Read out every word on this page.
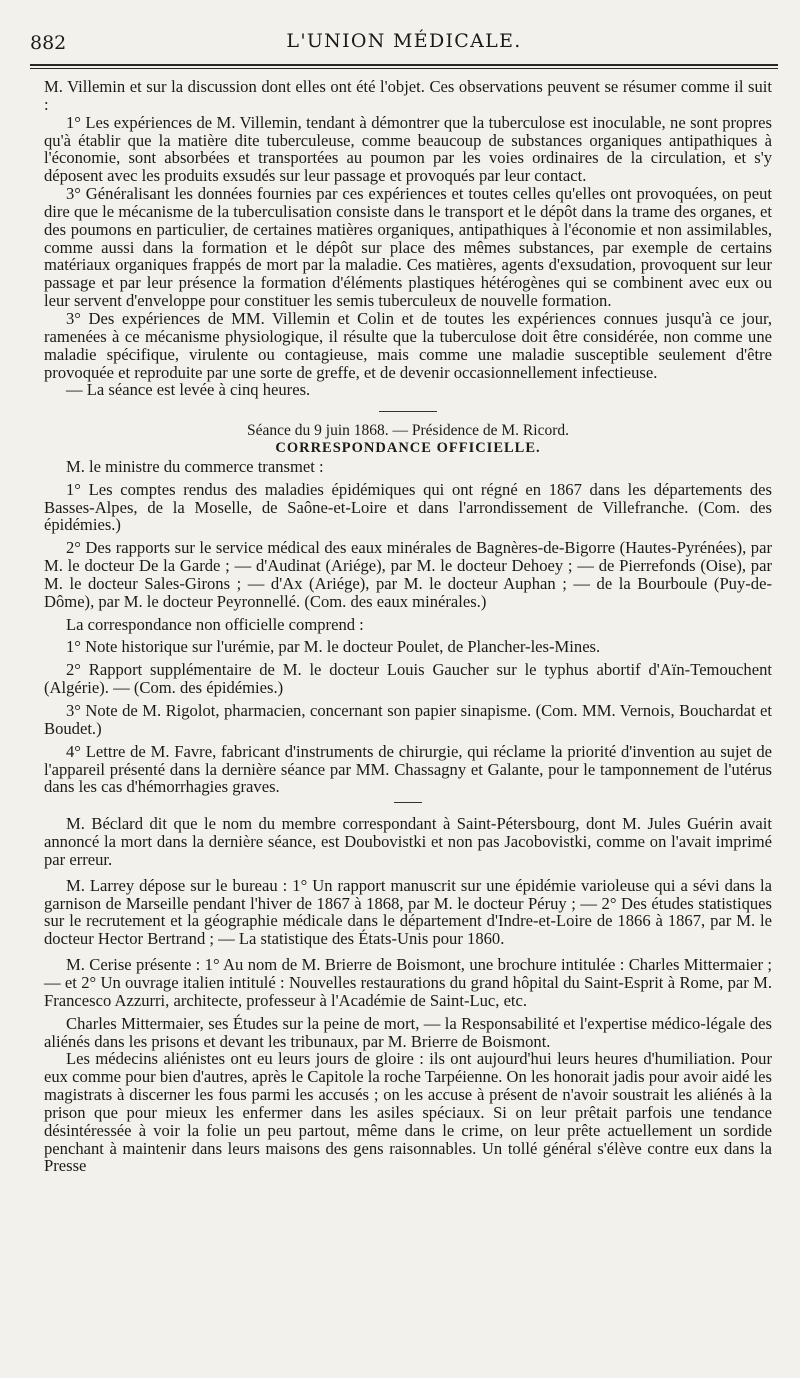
882	L'UNION MÉDICALE.

M. Villemin et sur la discussion dont elles ont été l'objet. Ces observations peuvent se résumer comme il suit :

1° Les expériences de M. Villemin, tendant à démontrer que la tuberculose est inoculable, ne sont propres qu'à établir que la matière dite tuberculeuse, comme beaucoup de substances organiques antipathiques à l'économie, sont absorbées et transportées au poumon par les voies ordinaires de la circulation, et s'y déposent avec les produits exsudés sur leur passage et provoqués par leur contact.

3° Généralisant les données fournies par ces expériences et toutes celles qu'elles ont provoquées, on peut dire que le mécanisme de la tuberculisation consiste dans le transport et le dépôt dans la trame des organes, et des poumons en particulier, de certaines matières organiques, antipathiques à l'économie et non assimilables, comme aussi dans la formation et le dépôt sur place des mêmes substances, par exemple de certains matériaux organiques frappés de mort par la maladie. Ces matières, agents d'exsudation, provoquent sur leur passage et par leur présence la formation d'éléments plastiques hétérogènes qui se combinent avec eux ou leur servent d'enveloppe pour constituer les semis tuberculeux de nouvelle formation.

3° Des expériences de MM. Villemin et Colin et de toutes les expériences connues jusqu'à ce jour, ramenées à ce mécanisme physiologique, il résulte que la tuberculose doit être considérée, non comme une maladie spécifique, virulente ou contagieuse, mais comme une maladie susceptible seulement d'être provoquée et reproduite par une sorte de greffe, et de devenir occasionnellement infectieuse.

— La séance est levée à cinq heures.

Séance du 9 juin 1868. — Présidence de M. Ricord.

CORRESPONDANCE OFFICIELLE.

M. le ministre du commerce transmet :

1° Les comptes rendus des maladies épidémiques qui ont régné en 1867 dans les départements des Basses-Alpes, de la Moselle, de Saône-et-Loire et dans l'arrondissement de Villefranche. (Com. des épidémies.)

2° Des rapports sur le service médical des eaux minérales de Bagnères-de-Bigorre (Hautes-Pyrénées), par M. le docteur De la Garde ; — d'Audinat (Ariége), par M. le docteur Dehoey ; — de Pierrefonds (Oise), par M. le docteur Sales-Girons ; — d'Ax (Ariége), par M. le docteur Auphan ; — de la Bourboule (Puy-de-Dôme), par M. le docteur Peyronnellé. (Com. des eaux minérales.)

La correspondance non officielle comprend :

1° Note historique sur l'urémie, par M. le docteur Poulet, de Plancher-les-Mines.

2° Rapport supplémentaire de M. le docteur Louis Gaucher sur le typhus abortif d'Aïn-Temouchent (Algérie). — (Com. des épidémies.)

3° Note de M. Rigolot, pharmacien, concernant son papier sinapisme. (Com. MM. Vernois, Bouchardat et Boudet.)

4° Lettre de M. Favre, fabricant d'instruments de chirurgie, qui réclame la priorité d'invention au sujet de l'appareil présenté dans la dernière séance par MM. Chassagny et Galante, pour le tamponnement de l'utérus dans les cas d'hémorrhagies graves.

M. Béclard dit que le nom du membre correspondant à Saint-Pétersbourg, dont M. Jules Guérin avait annoncé la mort dans la dernière séance, est Doubovistki et non pas Jacobovistki, comme on l'avait imprimé par erreur.

M. Larrey dépose sur le bureau : 1° Un rapport manuscrit sur une épidémie varioleuse qui a sévi dans la garnison de Marseille pendant l'hiver de 1867 à 1868, par M. le docteur Péruy ; — 2° Des études statistiques sur le recrutement et la géographie médicale dans le département d'Indre-et-Loire de 1866 à 1867, par M. le docteur Hector Bertrand ; — La statistique des États-Unis pour 1860.

M. Cerise présente : 1° Au nom de M. Brierre de Boismont, une brochure intitulée : Charles Mittermaier ; — et 2° Un ouvrage italien intitulé : Nouvelles restaurations du grand hôpital du Saint-Esprit à Rome, par M. Francesco Azzurri, architecte, professeur à l'Académie de Saint-Luc, etc.

Charles Mittermaier, ses Études sur la peine de mort, — la Responsabilité et l'expertise médico-légale des aliénés dans les prisons et devant les tribunaux, par M. Brierre de Boismont.

Les médecins aliénistes ont eu leurs jours de gloire : ils ont aujourd'hui leurs heures d'humiliation. Pour eux comme pour bien d'autres, après le Capitole la roche Tarpéienne. On les honorait jadis pour avoir aidé les magistrats à discerner les fous parmi les accusés ; on les accuse à présent de n'avoir soustrait les aliénés à la prison que pour mieux les enfermer dans les asiles spéciaux. Si on leur prêtait parfois une tendance désintéressée à voir la folie un peu partout, même dans le crime, on leur prête actuellement un sordide penchant à maintenir dans leurs maisons des gens raisonnables. Un tollé général s'élève contre eux dans la Presse
